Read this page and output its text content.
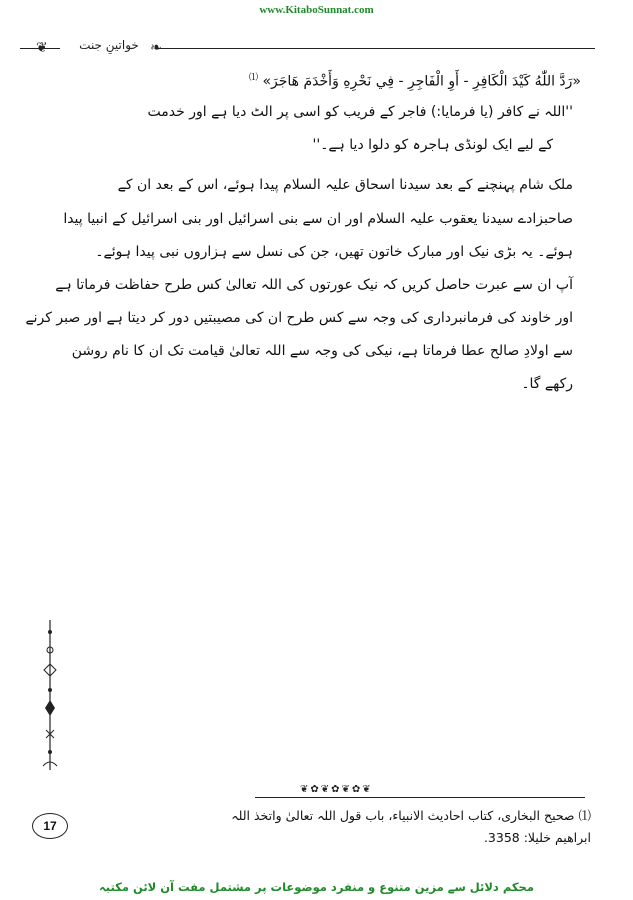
www.KitaboSunnat.com
❦	خواتینِ جنت ❧
«رَدَّ اللّٰهُ كَيْدَ الْكَافِرِ - أَوِ الْفَاجِرِ - فِي نَحْرِهِ وَأَخْدَمَ هَاجَرَ» ⑴
''اللہ نے کافر (یا فرمایا:) فاجر کے فریب کو اسی پر الٹ دیا ہے اور خدمت
کے لیے ایک لونڈی ہاجرہ کو دلوا دیا ہے۔''
ملک شام پہنچنے کے بعد سیدنا اسحاق علیہ السلام پیدا ہوئے، اس کے بعد ان کے
صاحبزادے سیدنا یعقوب علیہ السلام اور ان سے بنی اسرائیل اور بنی اسرائیل کے انبیا پیدا
ہوئے۔ یہ بڑی نیک اور مبارک خاتون تھیں، جن کی نسل سے ہزاروں نبی پیدا ہوئے۔
آپ ان سے عبرت حاصل کریں کہ نیک عورتوں کی اللہ تعالیٰ کس طرح حفاظت فرماتا ہے
اور خاوند کی فرمانبرداری کی وجہ سے کس طرح ان کی مصیبتیں دور کر دیتا ہے اور صبر کرنے
سے اولادِ صالح عطا فرماتا ہے، نیکی کی وجہ سے اللہ تعالیٰ قیامت تک ان کا نام روشن
رکھے گا۔
❦✿❦✿❦✿❦
⑴ صحیح البخاری، کتاب احادیث الانبیاء، باب قول اللہ تعالیٰ واتخذ اللہ
ابراهیم خلیلا: 3358.
17
محکم دلائل سے مزین متنوع و منفرد موضوعات پر مشتمل مفت آن لائن مکتبہ
